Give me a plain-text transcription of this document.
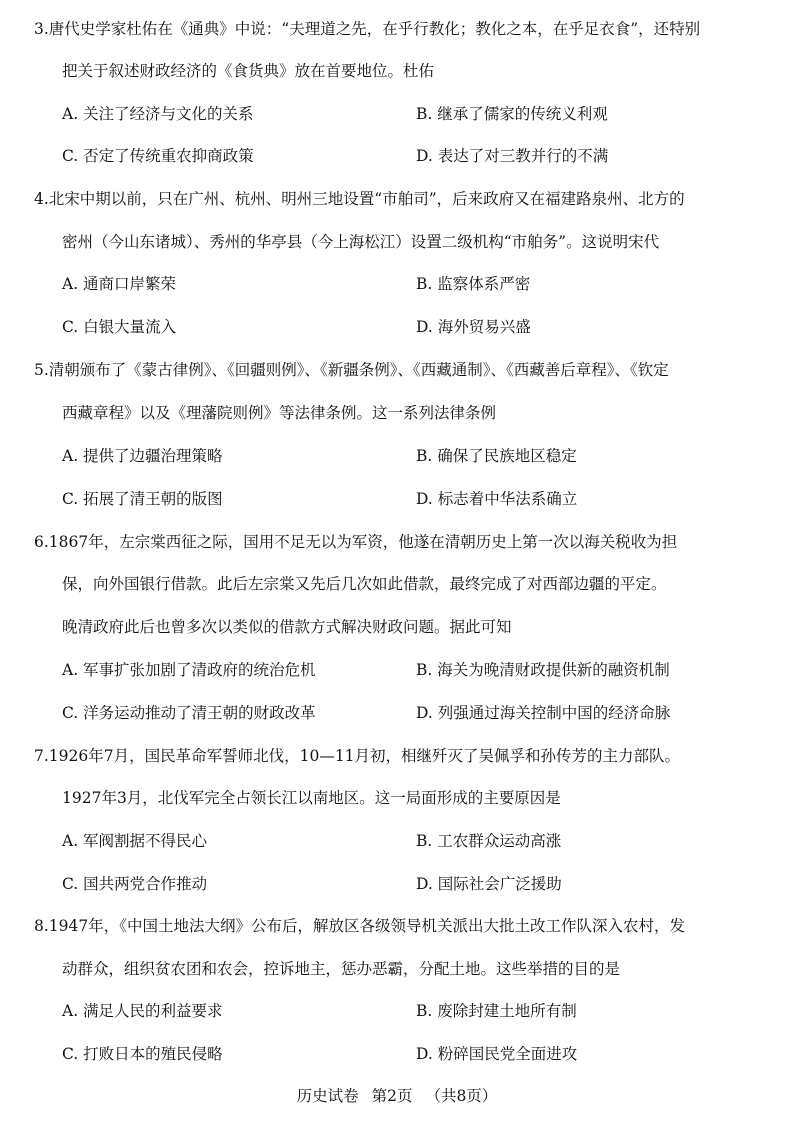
3.唐代史学家杜佑在《通典》中说：“夫理道之先，在乎行教化；教化之本，在乎足衣食”，还特别
把关于叙述财政经济的《食货典》放在首要地位。杜佑
A. 关注了经济与文化的关系	B. 继承了儒家的传统义利观
C. 否定了传统重农抑商政策	D. 表达了对三教并行的不满
4.北宋中期以前，只在广州、杭州、明州三地设置“市舶司”，后来政府又在福建路泉州、北方的
密州（今山东诸城）、秀州的华亭县（今上海松江）设置二级机构“市舶务”。这说明宋代
A. 通商口岸繁荣	B. 监察体系严密
C. 白银大量流入	D. 海外贸易兴盛
5.清朝颁布了《蒙古律例》、《回疆则例》、《新疆条例》、《西藏通制》、《西藏善后章程》、《钦定
西藏章程》以及《理藩院则例》等法律条例。这一系列法律条例
A. 提供了边疆治理策略	B. 确保了民族地区稳定
C. 拓展了清王朝的版图	D. 标志着中华法系确立
6.1867年，左宗棠西征之际，国用不足无以为军资，他遂在清朝历史上第一次以海关税收为担
保，向外国银行借款。此后左宗棠又先后几次如此借款，最终完成了对西部边疆的平定。
晚清政府此后也曾多次以类似的借款方式解决财政问题。据此可知
A. 军事扩张加剧了清政府的统治危机	B. 海关为晚清财政提供新的融资机制
C. 洋务运动推动了清王朝的财政改革	D. 列强通过海关控制中国的经济命脉
7.1926年7月，国民革命军誓师北伐，10—11月初，相继歼灭了吴佩孚和孙传芳的主力部队。
1927年3月，北伐军完全占领长江以南地区。这一局面形成的主要原因是
A. 军阀割据不得民心	B. 工农群众运动高涨
C. 国共两党合作推动	D. 国际社会广泛援助
8.1947年，《中国土地法大纲》公布后，解放区各级领导机关派出大批土改工作队深入农村，发
动群众，组织贫农团和农会，控诉地主，惩办恶霸，分配土地。这些举措的目的是
A. 满足人民的利益要求	B. 废除封建土地所有制
C. 打败日本的殖民侵略	D. 粉碎国民党全面进攻
历史试卷 第2页 （共8页）
